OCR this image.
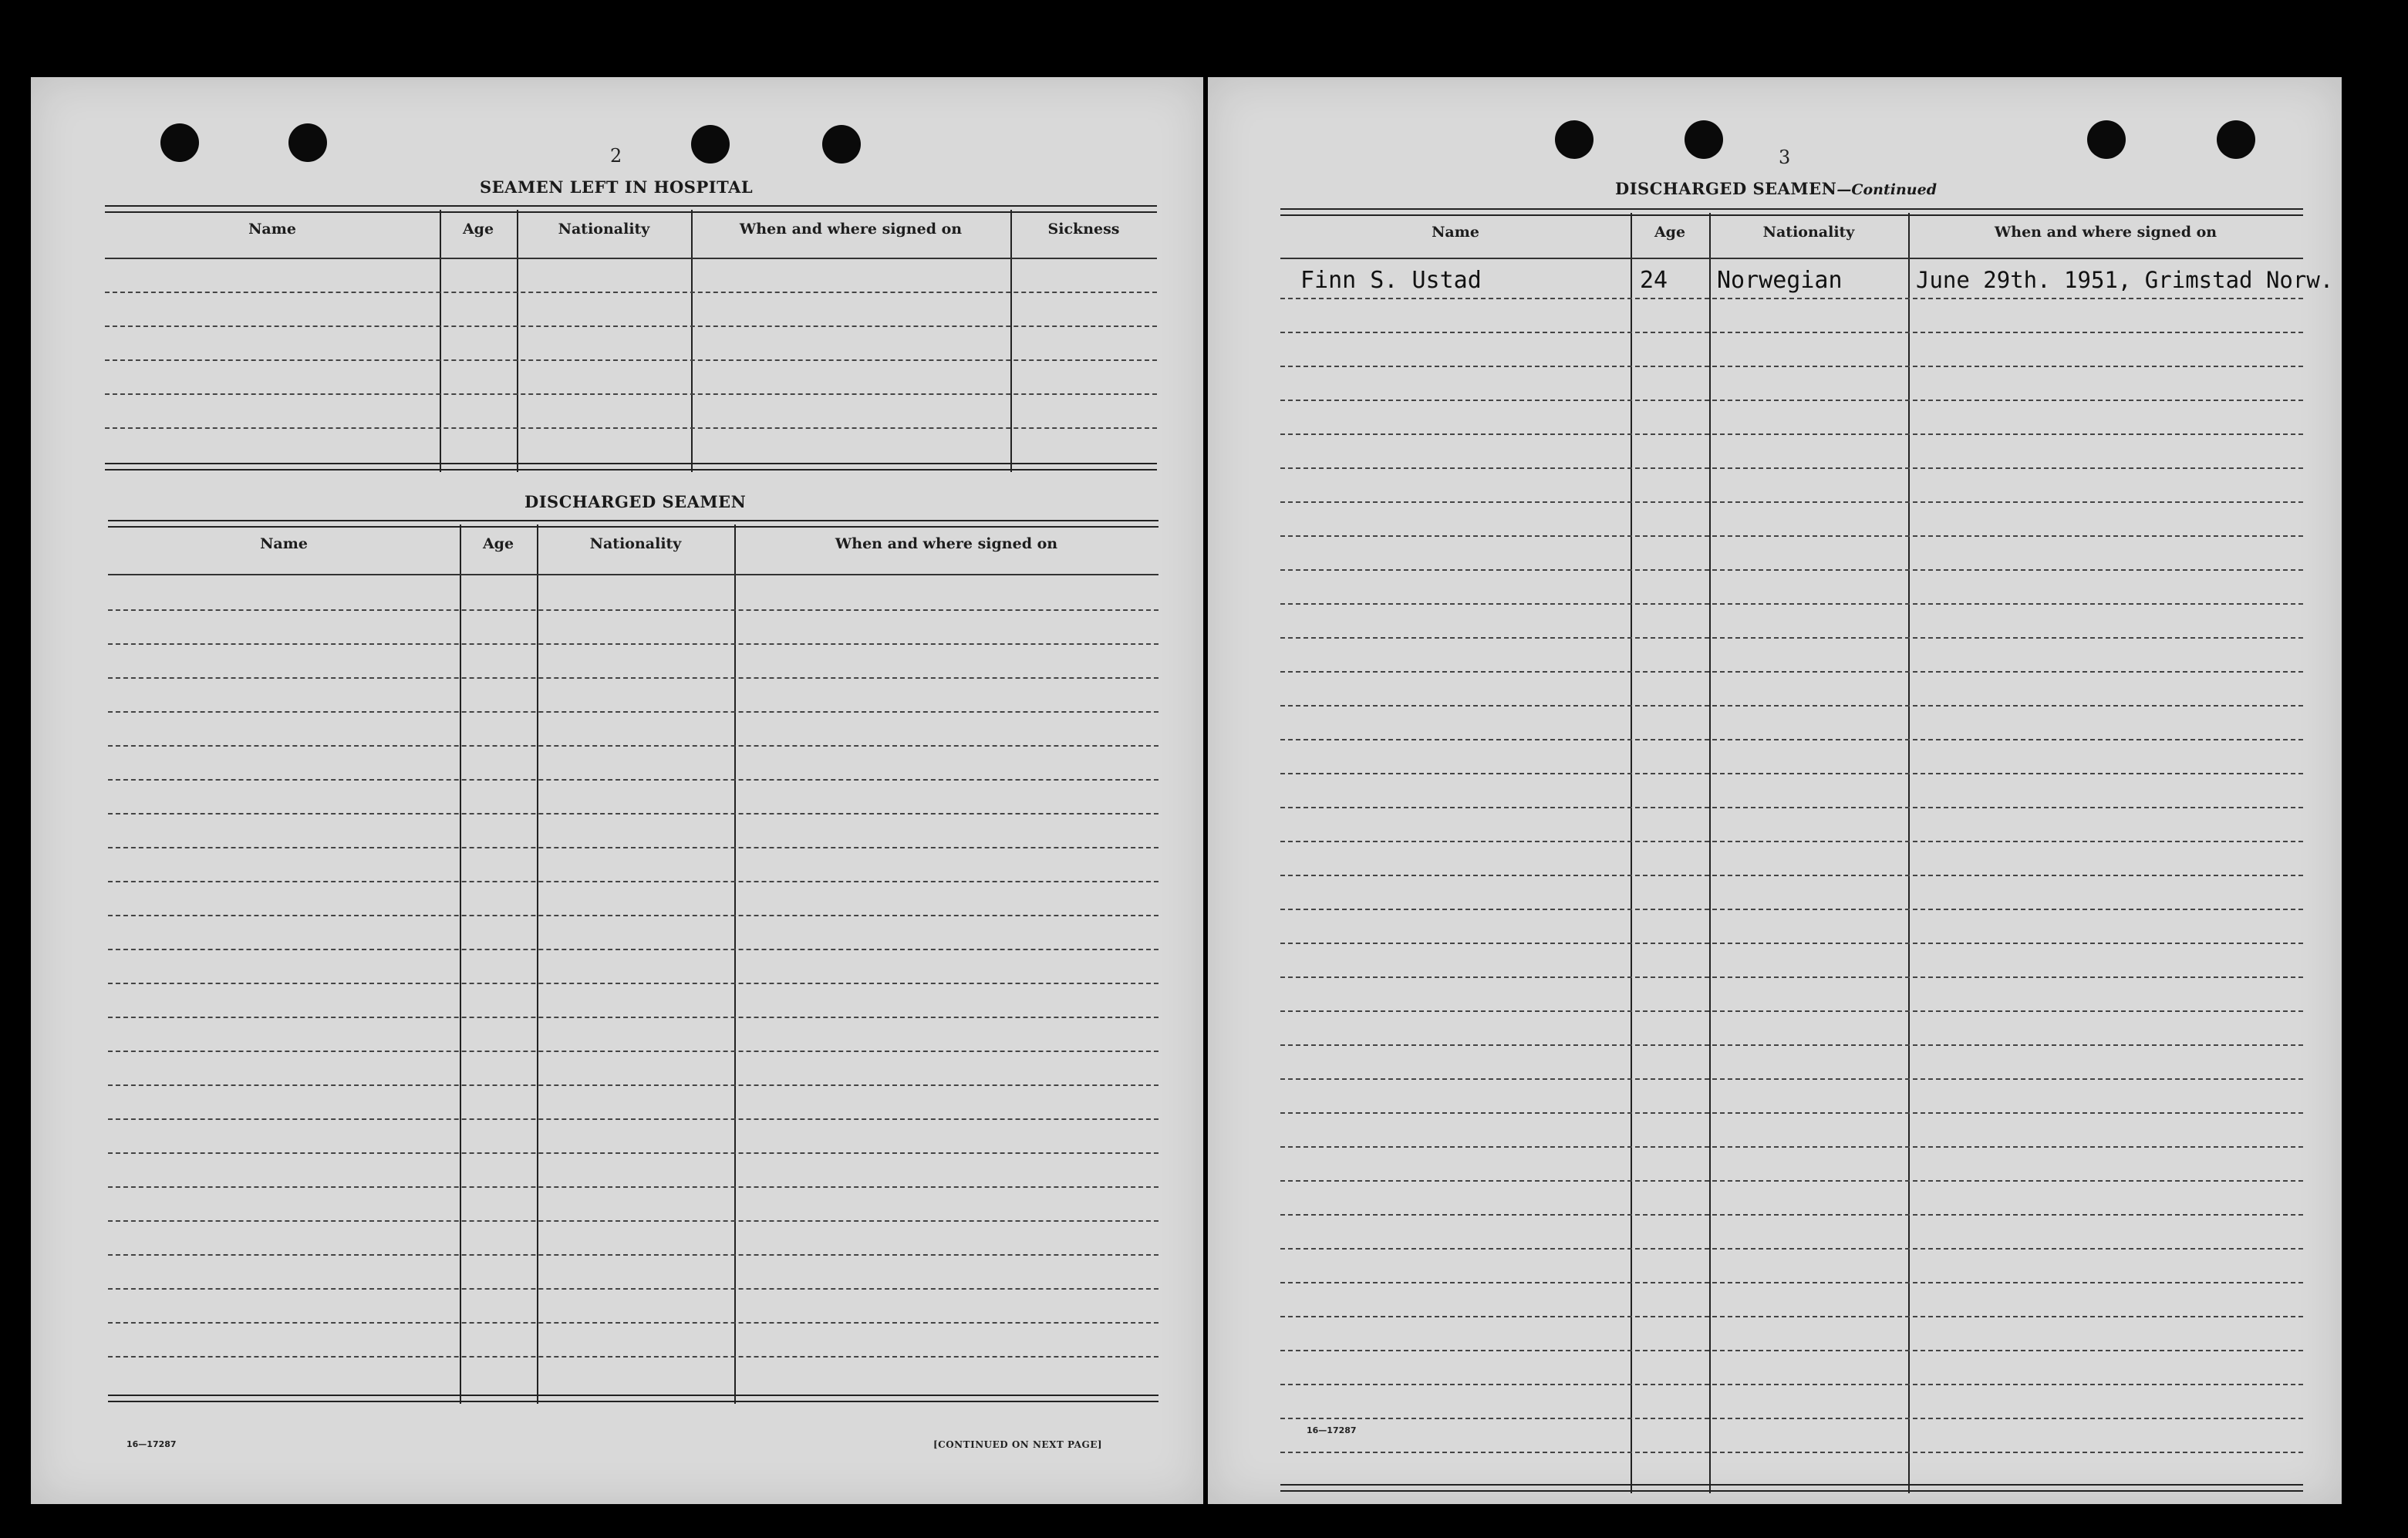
2
SEAMEN LEFT IN HOSPITAL
Name	Age	Nationality	When and where signed on	Sickness
DISCHARGED SEAMEN
Name	Age	Nationality	When and where signed on
16—17287	[CONTINUED ON NEXT PAGE]
3
DISCHARGED SEAMEN—Continued
Name	Age	Nationality	When and where signed on
Finn S. Ustad	24 Norwegian	June 29th. 1951, Grimstad Norw.
16—17287
